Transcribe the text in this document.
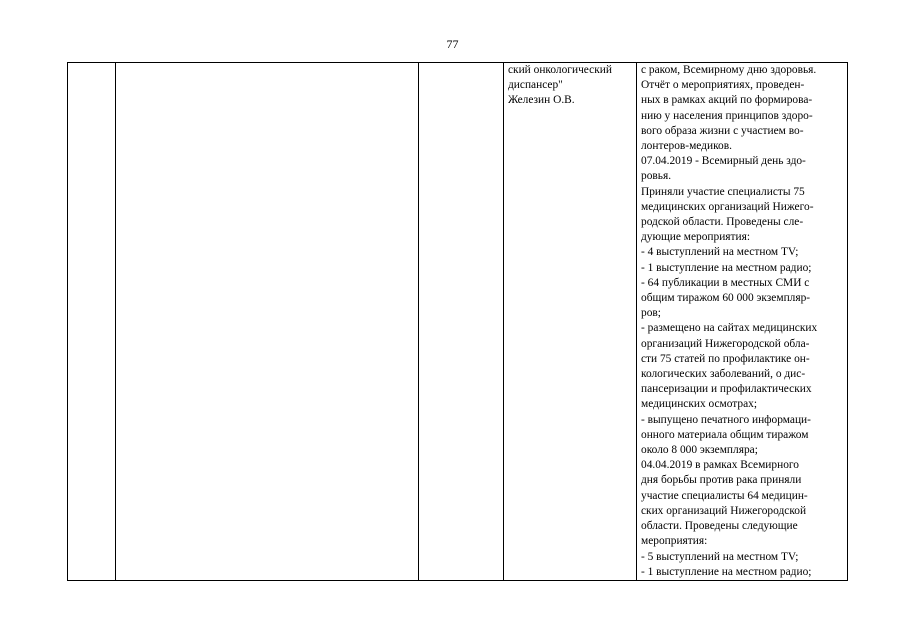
77

ский онкологический
диспансер"
Железин О.В.

с раком, Всемирному дню здоровья.
Отчёт о мероприятиях, проведен-
ных в рамках акций по формирова-
нию у населения принципов здоро-
вого образа жизни с участием во-
лонтеров-медиков.
07.04.2019 - Всемирный день здо-
ровья.
Приняли участие специалисты 75
медицинских организаций Нижего-
родской области. Проведены сле-
дующие мероприятия:
- 4 выступлений на местном TV;
- 1 выступление на местном радио;
- 64 публикации в местных СМИ с
общим тиражом 60 000 экземпляр-
ров;
- размещено на сайтах медицинских
организаций Нижегородской обла-
сти 75 статей по профилактике он-
кологических заболеваний, о дис-
пансеризации и профилактических
медицинских осмотрах;
- выпущено печатного информаци-
онного материала общим тиражом
около 8 000 экземпляра;
04.04.2019 в рамках Всемирного
дня борьбы против рака приняли
участие специалисты 64 медицин-
ских организаций Нижегородской
области. Проведены следующие
мероприятия:
- 5 выступлений на местном TV;
- 1 выступление на местном радио;
